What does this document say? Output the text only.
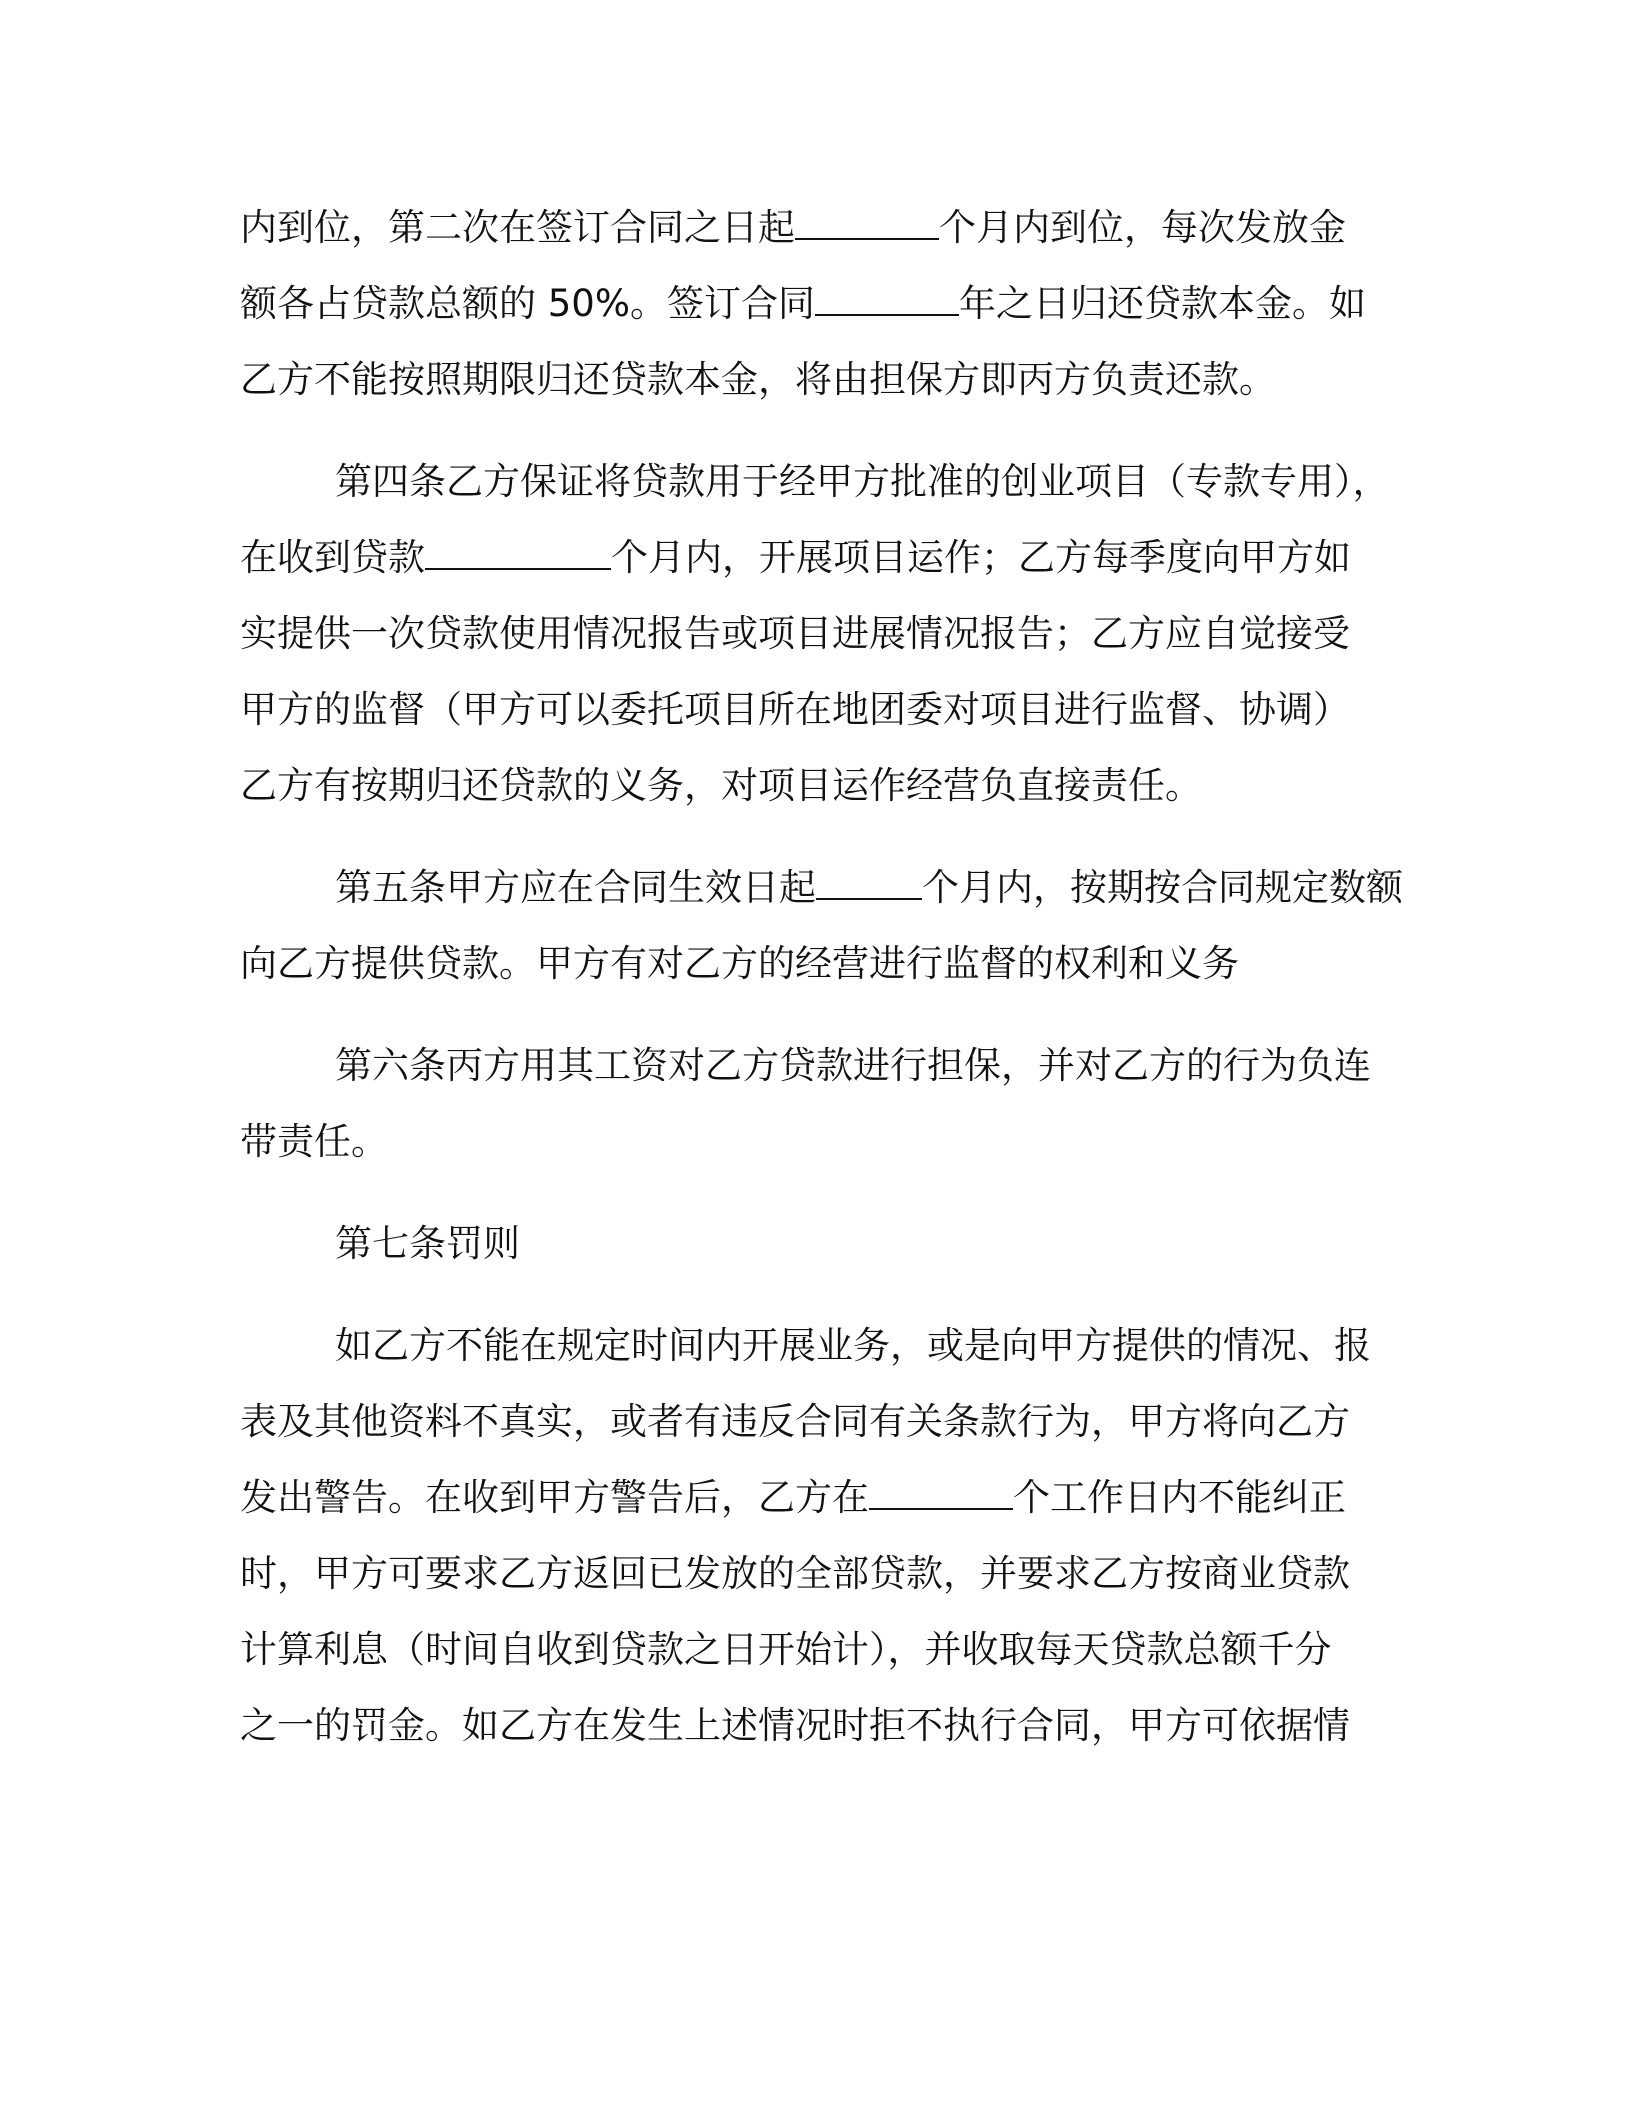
内到位，第二次在签订合同之日起	个月内到位，每次发放金

额各占贷款总额的 50%。签订合同	年之日归还贷款本金。如

乙方不能按照期限归还贷款本金，将由担保方即丙方负责还款。

第四条乙方保证将贷款用于经甲方批准的创业项目（专款专用），

在收到贷款	个月内，开展项目运作；乙方每季度向甲方如

实提供一次贷款使用情况报告或项目进展情况报告；乙方应自觉接受

甲方的监督（甲方可以委托项目所在地团委对项目进行监督、协调）

乙方有按期归还贷款的义务，对项目运作经营负直接责任。

第五条甲方应在合同生效日起	个月内，按期按合同规定数额

向乙方提供贷款。甲方有对乙方的经营进行监督的权利和义务

第六条丙方用其工资对乙方贷款进行担保，并对乙方的行为负连

带责任。

第七条罚则

如乙方不能在规定时间内开展业务，或是向甲方提供的情况、报

表及其他资料不真实，或者有违反合同有关条款行为，甲方将向乙方

发出警告。在收到甲方警告后，乙方在	个工作日内不能纠正

时，甲方可要求乙方返回已发放的全部贷款，并要求乙方按商业贷款

计算利息（时间自收到贷款之日开始计），并收取每天贷款总额千分

之一的罚金。如乙方在发生上述情况时拒不执行合同，甲方可依据情
